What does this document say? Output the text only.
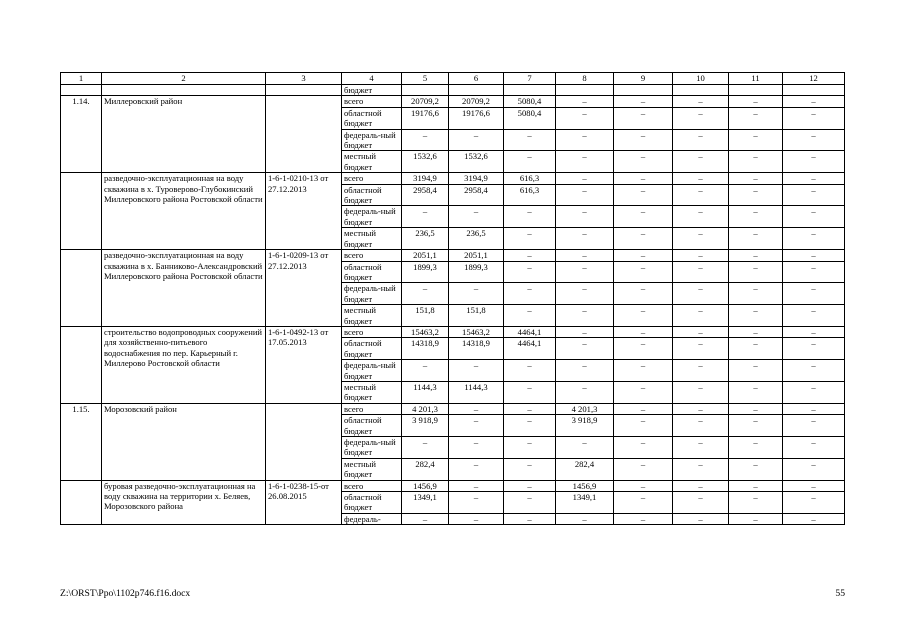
1	2	3	4	5	6	7	8	9	10	11	12
			бюджет								
1.14.	Миллеровский район		всего	20709,2	20709,2	5080,4	–	–	–	–	–
			областной бюджет	19176,6	19176,6	5080,4	–	–	–	–	–
			федераль-ный бюджет	–	–	–	–	–	–	–	–
			местный бюджет	1532,6	1532,6	–	–	–	–	–	–
	разведочно-эксплуатационная на воду скважина в х. Туроверово-Глубокинский Миллеровского района Ростовской области	1-6-1-0210-13 от 27.12.2013	всего	3194,9	3194,9	616,3	–	–	–	–	–
			областной бюджет	2958,4	2958,4	616,3	–	–	–	–	–
			федераль-ный бюджет	–	–	–	–	–	–	–	–
			местный бюджет	236,5	236,5	–	–	–	–	–	–
	разведочно-эксплуатационная на воду скважина в х. Банниково-Александровский Миллеровского района Ростовской области	1-6-1-0209-13 от 27.12.2013	всего	2051,1	2051,1	–	–	–	–	–	–
			областной бюджет	1899,3	1899,3	–	–	–	–	–	–
			федераль-ный бюджет	–	–	–	–	–	–	–	–
			местный бюджет	151,8	151,8	–	–	–	–	–	–
	строительство водопроводных сооружений для хозяйственно-питьевого водоснабжения по пер. Карьерный г. Миллерово Ростовской области	1-6-1-0492-13 от 17.05.2013	всего	15463,2	15463,2	4464,1	–	–	–	–	–
			областной бюджет	14318,9	14318,9	4464,1	–	–	–	–	–
			федераль-ный бюджет	–	–	–	–	–	–	–	–
			местный бюджет	1144,3	1144,3	–	–	–	–	–	–
1.15.	Морозовский район		всего	4 201,3	–	–	4 201,3	–	–	–	–
			областной бюджет	3 918,9	–	–	3 918,9	–	–	–	–
			федераль-ный бюджет	–	–	–	–	–	–	–	–
			местный бюджет	282,4	–	–	282,4	–	–	–	–
	буровая разведочно-эксплуатационная на воду скважина на территории х. Беляев, Морозовского района	1-6-1-0238-15-от 26.08.2015	всего	1456,9	–	–	1456,9	–	–	–	–
			областной бюджет	1349,1	–	–	1349,1	–	–	–	–
			федераль-	–	–	–	–	–	–	–	–
Z:\ORST\Ppo\1102p746.f16.docx	55
